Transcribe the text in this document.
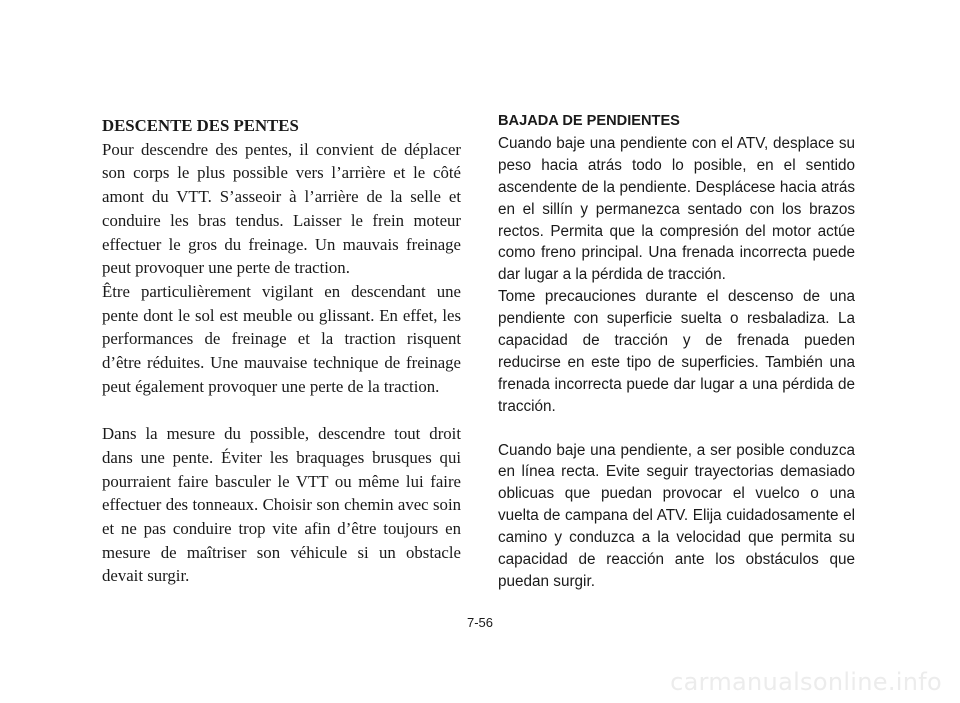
DESCENTE DES PENTES

Pour descendre des pentes, il convient de déplacer son corps le plus possible vers l’arrière et le côté amont du VTT. S’asseoir à l’arrière de la selle et conduire les bras tendus. Laisser le frein moteur effectuer le gros du freinage. Un mauvais freinage peut provoquer une perte de traction.

Être particulièrement vigilant en descendant une pente dont le sol est meuble ou glissant. En effet, les performances de freinage et la traction risquent d’être réduites. Une mauvaise technique de freinage peut également provoquer une perte de la traction.

Dans la mesure du possible, descendre tout droit dans une pente. Éviter les braquages brusques qui pourraient faire basculer le VTT ou même lui faire effectuer des tonneaux. Choisir son chemin avec soin et ne pas conduire trop vite afin d’être toujours en mesure de maîtriser son véhicule si un obstacle devait surgir.

BAJADA DE PENDIENTES

Cuando baje una pendiente con el ATV, desplace su peso hacia atrás todo lo posible, en el sentido ascendente de la pendiente. Desplácese hacia atrás en el sillín y permanezca sentado con los brazos rectos. Permita que la compresión del motor actúe como freno principal. Una frenada incorrecta puede dar lugar a la pérdida de tracción.

Tome precauciones durante el descenso de una pendiente con superficie suelta o resbaladiza. La capacidad de tracción y de frenada pueden reducirse en este tipo de superficies. También una frenada incorrecta puede dar lugar a una pérdida de tracción.

Cuando baje una pendiente, a ser posible conduzca en línea recta. Evite seguir trayectorias demasiado oblicuas que puedan provocar el vuelco o una vuelta de campana del ATV. Elija cuidadosamente el camino y conduzca a la velocidad que permita su capacidad de reacción ante los obstáculos que puedan surgir.

7-56
carmanualsonline.info
